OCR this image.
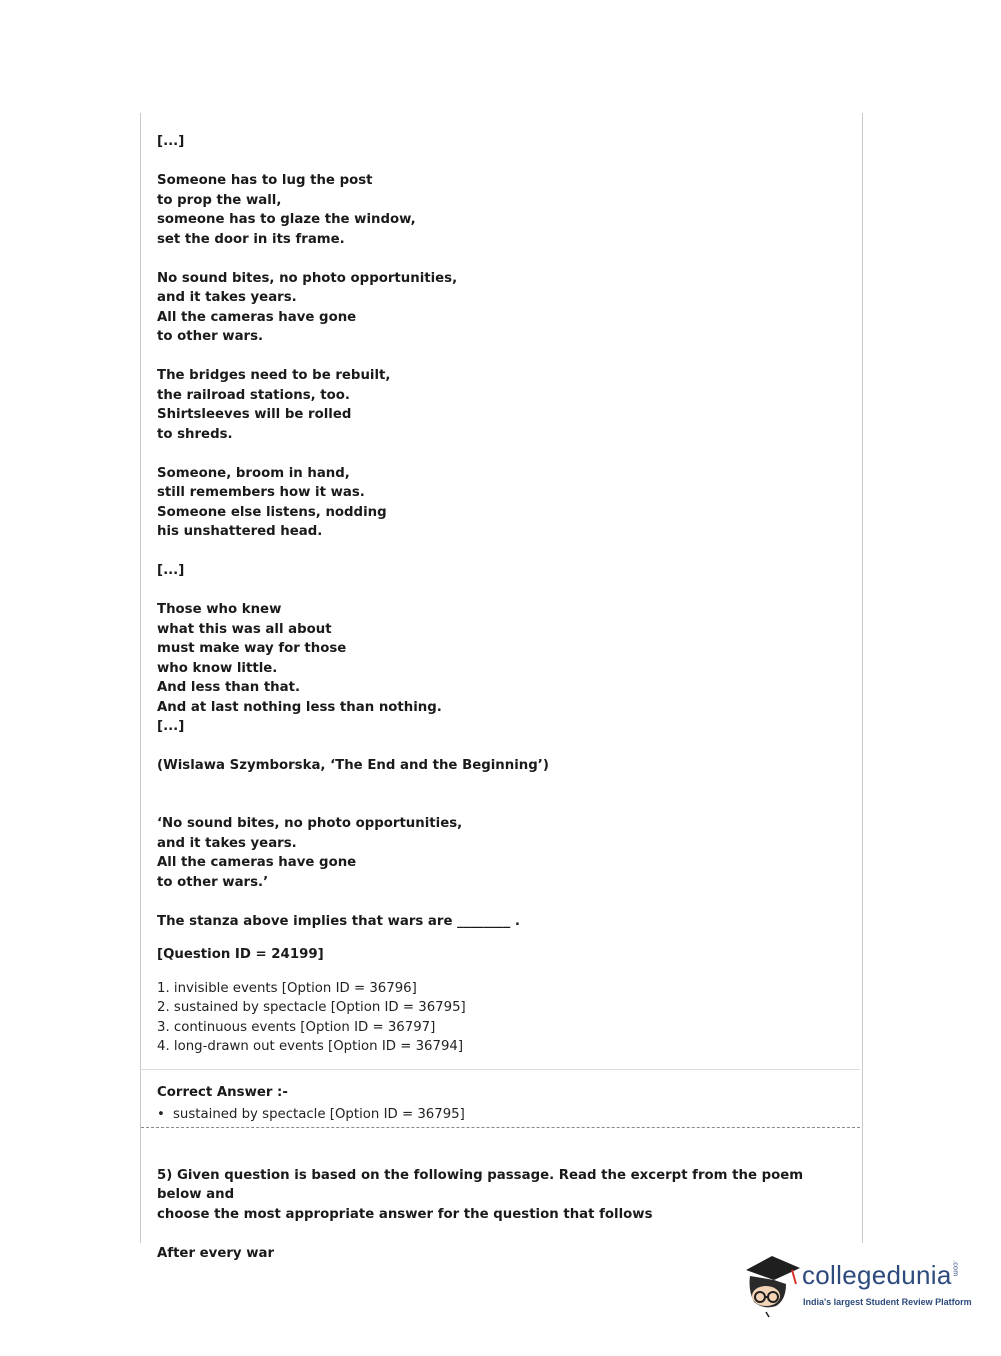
[...]

Someone has to lug the post

to prop the wall,

someone has to glaze the window,

set the door in its frame.

No sound bites, no photo opportunities,

and it takes years.

All the cameras have gone

to other wars.

The bridges need to be rebuilt,

the railroad stations, too.

Shirtsleeves will be rolled

to shreds.

Someone, broom in hand,

still remembers how it was.

Someone else listens, nodding

his unshattered head.

[...]

Those who knew

what this was all about

must make way for those

who know little.

And less than that.

And at last nothing less than nothing.

[...]

(Wislawa Szymborska, ‘The End and the Beginning’)

‘No sound bites, no photo opportunities,

and it takes years.

All the cameras have gone

to other wars.’

The stanza above implies that wars are ________ .

[Question ID = 24199]

1. invisible events [Option ID = 36796]

2. sustained by spectacle [Option ID = 36795]

3. continuous events [Option ID = 36797]

4. long-drawn out events [Option ID = 36794]

Correct Answer :-

• sustained by spectacle [Option ID = 36795]

5) Given question is based on the following passage. Read the excerpt from the poem below and

choose the most appropriate answer for the question that follows

After every war

collegedunia.com
India's largest Student Review Platform
